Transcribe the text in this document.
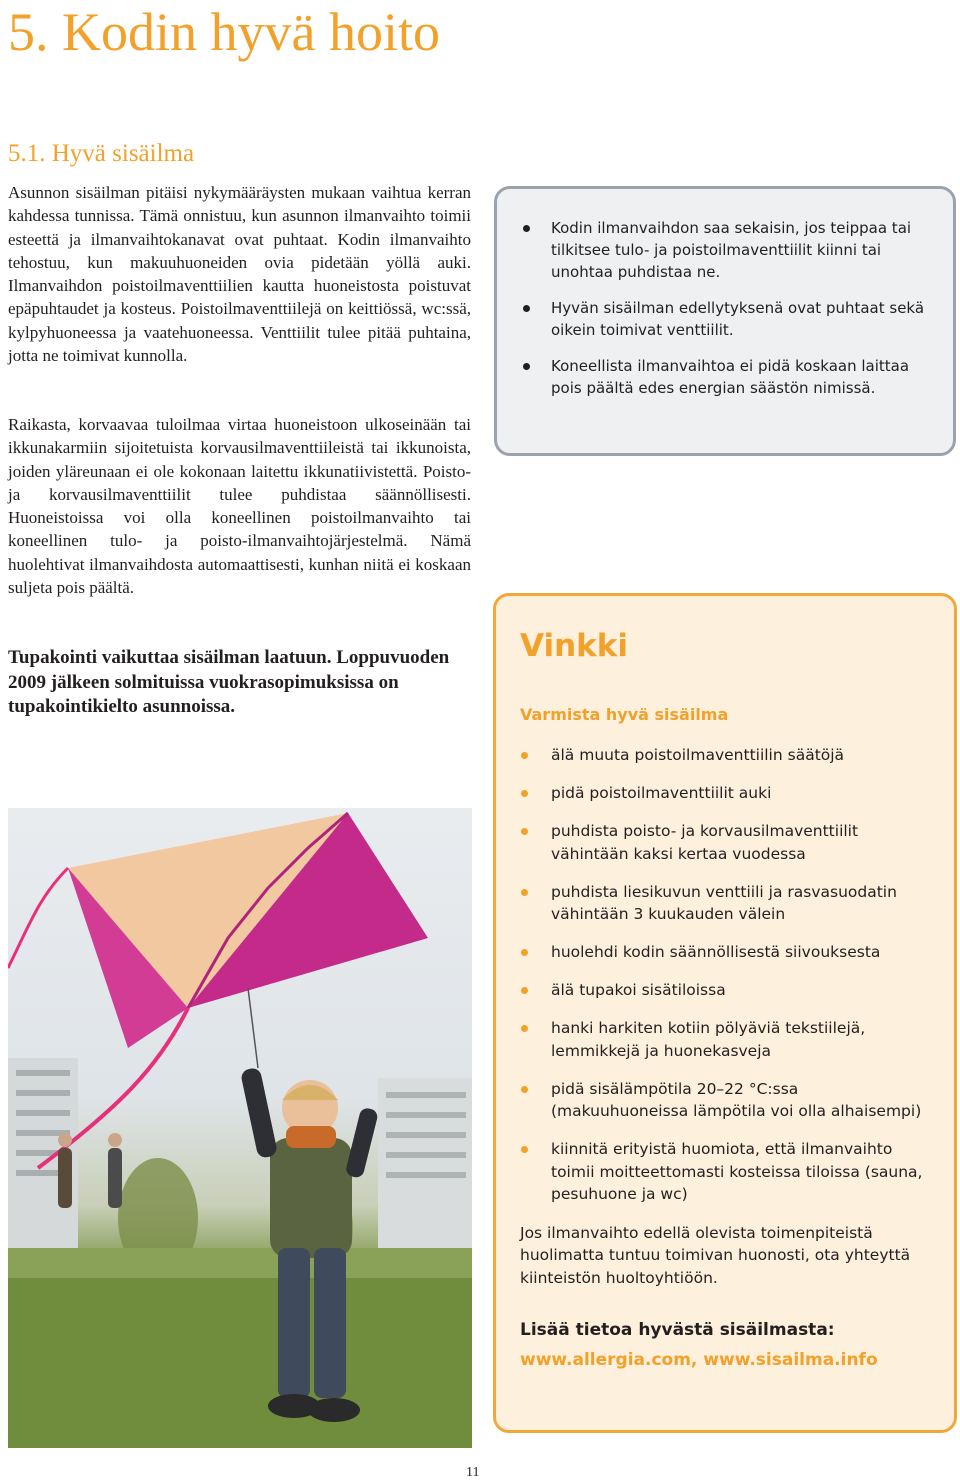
5. Kodin hyvä hoito
5.1. Hyvä sisäilma

Asunnon sisäilman pitäisi nykymääräysten mukaan vaihtua kerran kahdessa tunnissa. Tämä onnistuu, kun asunnon ilmanvaihto toimii esteettä ja ilmanvaihtokanavat ovat puhtaat. Kodin ilmanvaihto tehostuu, kun makuuhuoneiden ovia pidetään yöllä auki. Ilmanvaihdon poistoilmaventtiilien kautta huoneistosta poistuvat epäpuhtaudet ja kosteus. Poistoilmaventtiilejä on keittiössä, wc:ssä, kylpyhuoneessa ja vaatehuoneessa. Venttiilit tulee pitää puhtaina, jotta ne toimivat kunnolla.

Raikasta, korvaavaa tuloilmaa virtaa huoneistoon ulkoseinään tai ikkunakarmiin sijoitetuista korvausilmaventtiileistä tai ikkunoista, joiden yläreunaan ei ole kokonaan laitettu ikkunatiivistettä. Poisto- ja korvausilmaventtiilit tulee puhdistaa säännöllisesti. Huoneistoissa voi olla koneellinen poistoilmanvaihto tai koneellinen tulo- ja poisto-ilmanvaihtojärjestelmä. Nämä huolehtivat ilmanvaihdosta automaattisesti, kunhan niitä ei koskaan suljeta pois päältä.

Tupakointi vaikuttaa sisäilman laatuun. Loppuvuoden 2009 jälkeen solmituissa vuokrasopimuksissa on tupakointikielto asunnoissa.

Kodin ilmanvaihdon saa sekaisin, jos teippaa tai tilkitsee tulo- ja poistoilmaventtiilit kiinni tai unohtaa puhdistaa ne.
Hyvän sisäilman edellytyksenä ovat puhtaat sekä oikein toimivat venttiilit.
Koneellista ilmanvaihtoa ei pidä koskaan laittaa pois päältä edes energian säästön nimissä.
Vinkki
Varmista hyvä sisäilma
älä muuta poistoilmaventtiilin säätöjä
pidä poistoilmaventtiilit auki
puhdista poisto- ja korvausilmaventtiilit vähintään kaksi kertaa vuodessa
puhdista liesikuvun venttiili ja rasvasuodatin vähintään 3 kuukauden välein
huolehdi kodin säännöllisestä siivouksesta
älä tupakoi sisätiloissa
hanki harkiten kotiin pölyäviä tekstiilejä, lemmikkejä ja huonekasveja
pidä sisälämpötila 20–22 °C:ssa (makuuhuoneissa lämpötila voi olla alhaisempi)
kiinnitä erityistä huomiota, että ilmanvaihto toimii moitteettomasti kosteissa tiloissa (sauna, pesuhuone ja wc)

Jos ilmanvaihto edellä olevista toimenpiteistä huolimatta tuntuu toimivan huonosti, ota yhteyttä kiinteistön huoltoyhtiöön.

Lisää tietoa hyvästä sisäilmasta:

www.allergia.com, www.sisailma.info

11
